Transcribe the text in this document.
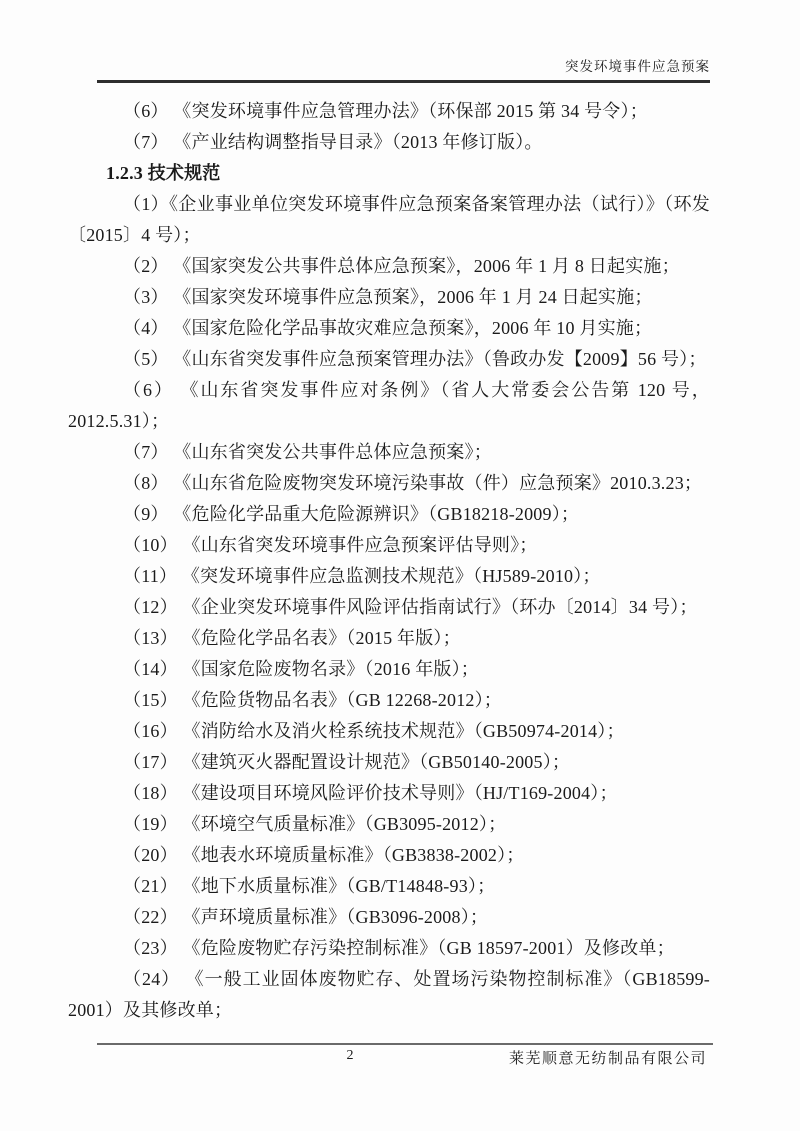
突发环境事件应急预案

（6） 《突发环境事件应急管理办法》（环保部 2015 第 34 号令）；

（7） 《产业结构调整指导目录》（2013 年修订版）。

1.2.3 技术规范

（1）《企业事业单位突发环境事件应急预案备案管理办法（试行）》（环发〔2015〕4 号）；

（2） 《国家突发公共事件总体应急预案》，2006 年 1 月 8 日起实施；

（3） 《国家突发环境事件应急预案》，2006 年 1 月 24 日起实施；

（4） 《国家危险化学品事故灾难应急预案》，2006 年 10 月实施；

（5） 《山东省突发事件应急预案管理办法》（鲁政办发【2009】56 号）；

（6） 《山东省突发事件应对条例》（省人大常委会公告第 120 号，2012.5.31）；

（7） 《山东省突发公共事件总体应急预案》；

（8） 《山东省危险废物突发环境污染事故（件）应急预案》2010.3.23；

（9） 《危险化学品重大危险源辨识》（GB18218-2009）；

（10） 《山东省突发环境事件应急预案评估导则》；

（11） 《突发环境事件应急监测技术规范》（HJ589-2010）；

（12） 《企业突发环境事件风险评估指南试行》（环办〔2014〕34 号）；

（13） 《危险化学品名表》（2015 年版）；

（14） 《国家危险废物名录》（2016 年版）；

（15） 《危险货物品名表》（GB 12268-2012）；

（16） 《消防给水及消火栓系统技术规范》（GB50974-2014）；

（17） 《建筑灭火器配置设计规范》（GB50140-2005）；

（18） 《建设项目环境风险评价技术导则》（HJ/T169-2004）；

（19） 《环境空气质量标准》（GB3095-2012）；

（20） 《地表水环境质量标准》（GB3838-2002）；

（21） 《地下水质量标准》（GB/T14848-93）；

（22） 《声环境质量标准》（GB3096-2008）；

（23） 《危险废物贮存污染控制标准》（GB 18597-2001）及修改单；

（24） 《一般工业固体废物贮存、处置场污染物控制标准》（GB18599-2001）及其修改单；

2	莱芜顺意无纺制品有限公司
